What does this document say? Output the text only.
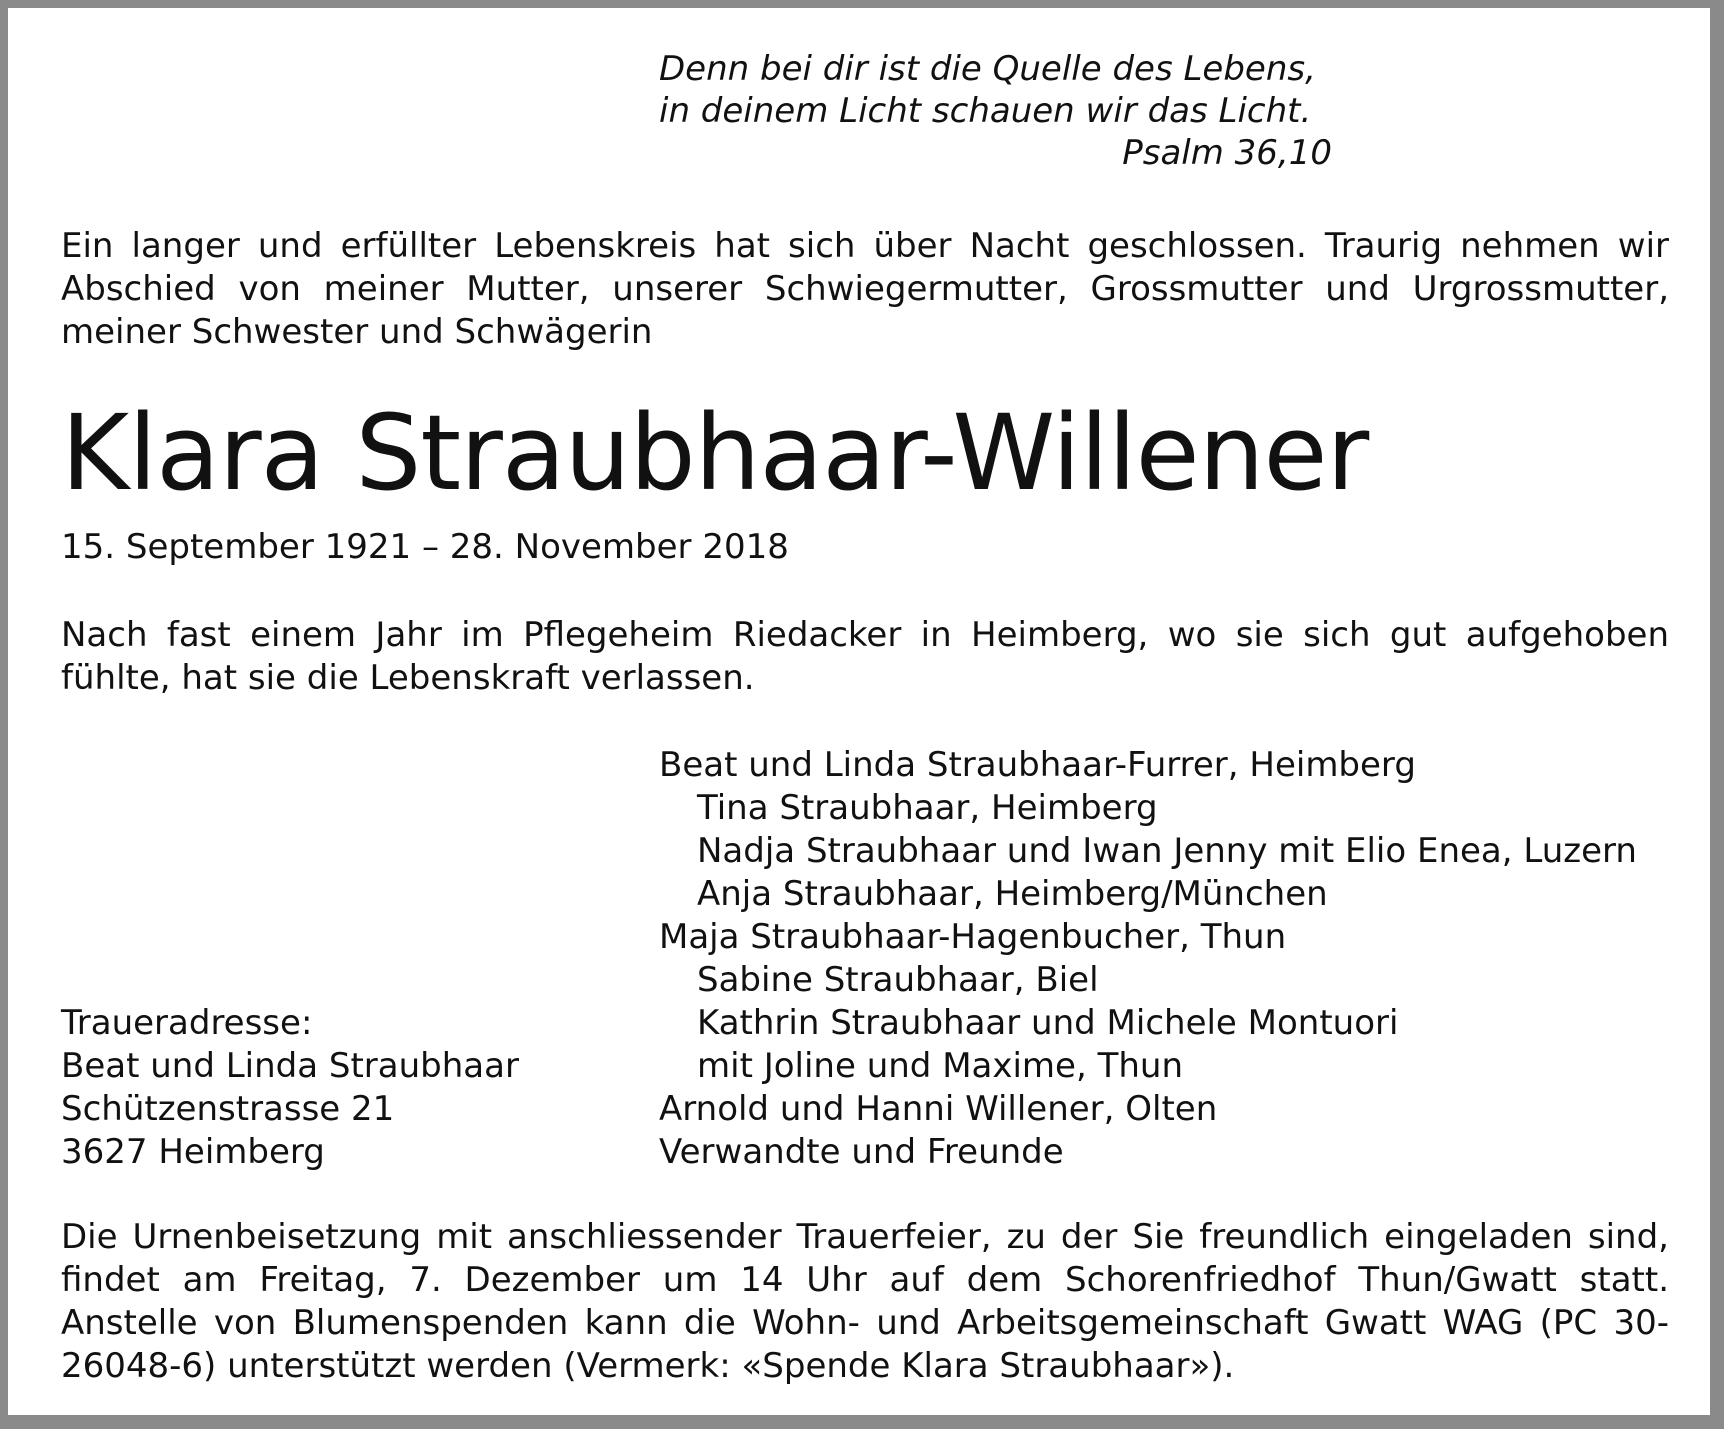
Denn bei dir ist die Quelle des Lebens,
in deinem Licht schauen wir das Licht.
Psalm 36,10
Ein langer und erfüllter Lebenskreis hat sich über Nacht geschlossen. Traurig nehmen wir Abschied von meiner Mutter, unserer Schwiegermutter, Grossmutter und Urgrossmutter, meiner Schwester und Schwägerin
Klara Straubhaar-Willener
15. September 1921 – 28. November 2018
Nach fast einem Jahr im Pflegeheim Riedacker in Heimberg, wo sie sich gut aufgehoben fühlte, hat sie die Lebenskraft verlassen.
Beat und Linda Straubhaar-Furrer, Heimberg
Tina Straubhaar, Heimberg
Nadja Straubhaar und Iwan Jenny mit Elio Enea, Luzern
Anja Straubhaar, Heimberg/München
Maja Straubhaar-Hagenbucher, Thun
Sabine Straubhaar, Biel
Kathrin Straubhaar und Michele Montuori
mit Joline und Maxime, Thun
Arnold und Hanni Willener, Olten
Verwandte und Freunde
Traueradresse:
Beat und Linda Straubhaar
Schützenstrasse 21
3627 Heimberg
Die Urnenbeisetzung mit anschliessender Trauerfeier, zu der Sie freundlich eingeladen sind, findet am Freitag, 7. Dezember um 14 Uhr auf dem Schorenfriedhof Thun/Gwatt statt. Anstelle von Blumenspenden kann die Wohn- und Arbeitsgemeinschaft Gwatt WAG (PC 30-26048-6) unterstützt werden (Vermerk: «Spende Klara Straubhaar»).
